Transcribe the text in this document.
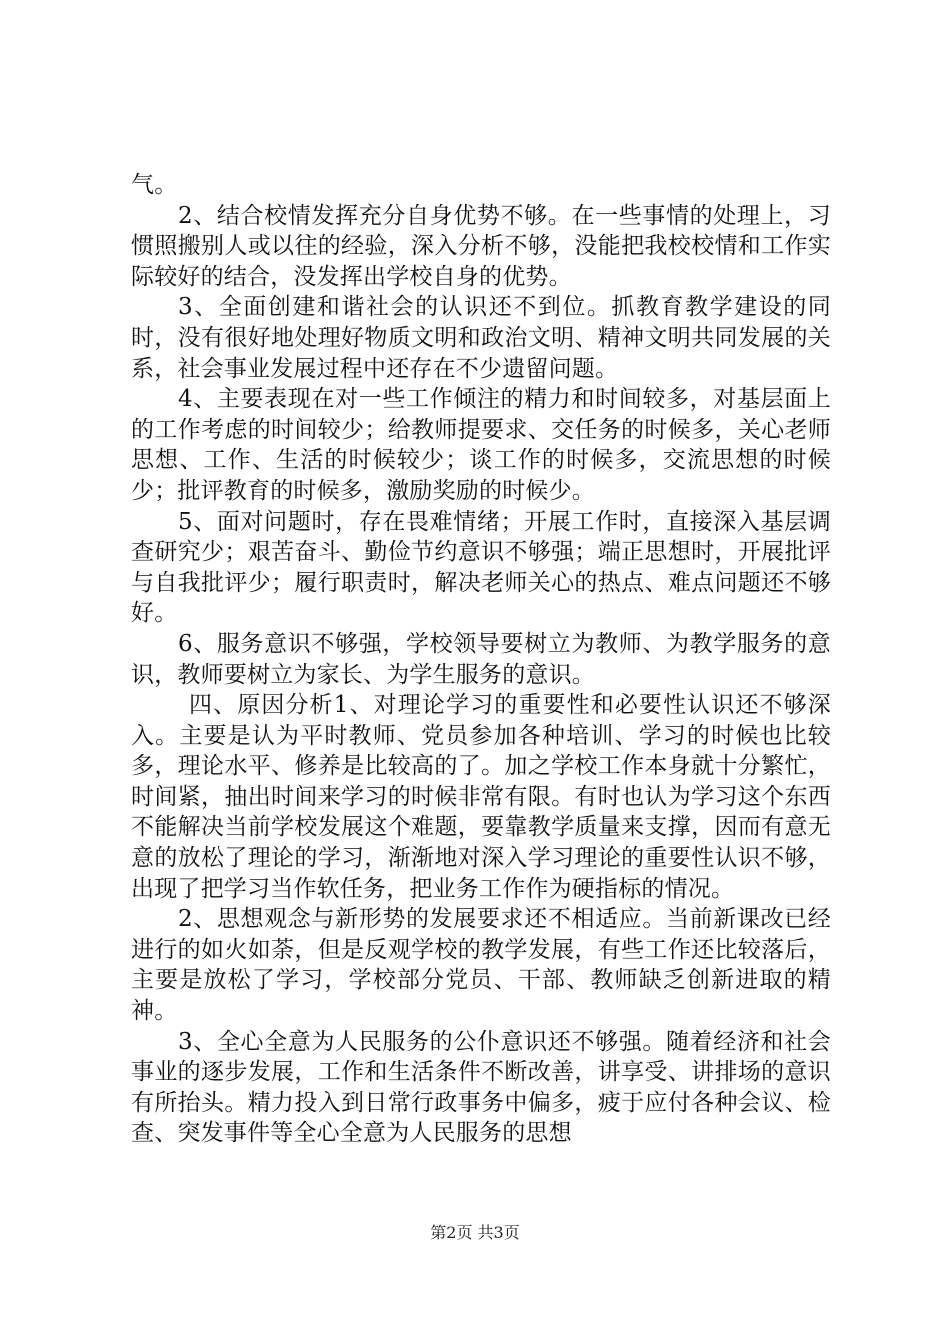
气。

2、结合校情发挥充分自身优势不够。在一些事情的处理上，习惯照搬别人或以往的经验，深入分析不够，没能把我校校情和工作实际较好的结合，没发挥出学校自身的优势。

3、全面创建和谐社会的认识还不到位。抓教育教学建设的同时，没有很好地处理好物质文明和政治文明、精神文明共同发展的关系，社会事业发展过程中还存在不少遗留问题。

4、主要表现在对一些工作倾注的精力和时间较多，对基层面上的工作考虑的时间较少；给教师提要求、交任务的时候多，关心老师思想、工作、生活的时候较少；谈工作的时候多，交流思想的时候少；批评教育的时候多，激励奖励的时候少。

5、面对问题时，存在畏难情绪；开展工作时，直接深入基层调查研究少；艰苦奋斗、勤俭节约意识不够强；端正思想时，开展批评与自我批评少；履行职责时，解决老师关心的热点、难点问题还不够好。

6、服务意识不够强，学校领导要树立为教师、为教学服务的意识，教师要树立为家长、为学生服务的意识。

四、原因分析1、对理论学习的重要性和必要性认识还不够深入。主要是认为平时教师、党员参加各种培训、学习的时候也比较多，理论水平、修养是比较高的了。加之学校工作本身就十分繁忙，时间紧，抽出时间来学习的时候非常有限。有时也认为学习这个东西不能解决当前学校发展这个难题，要靠教学质量来支撑，因而有意无意的放松了理论的学习，渐渐地对深入学习理论的重要性认识不够，出现了把学习当作软任务，把业务工作作为硬指标的情况。

2、思想观念与新形势的发展要求还不相适应。当前新课改已经进行的如火如荼，但是反观学校的教学发展，有些工作还比较落后，主要是放松了学习，学校部分党员、干部、教师缺乏创新进取的精神。

3、全心全意为人民服务的公仆意识还不够强。随着经济和社会事业的逐步发展，工作和生活条件不断改善，讲享受、讲排场的意识有所抬头。精力投入到日常行政事务中偏多，疲于应付各种会议、检查、突发事件等全心全意为人民服务的思想

第2页 共3页
